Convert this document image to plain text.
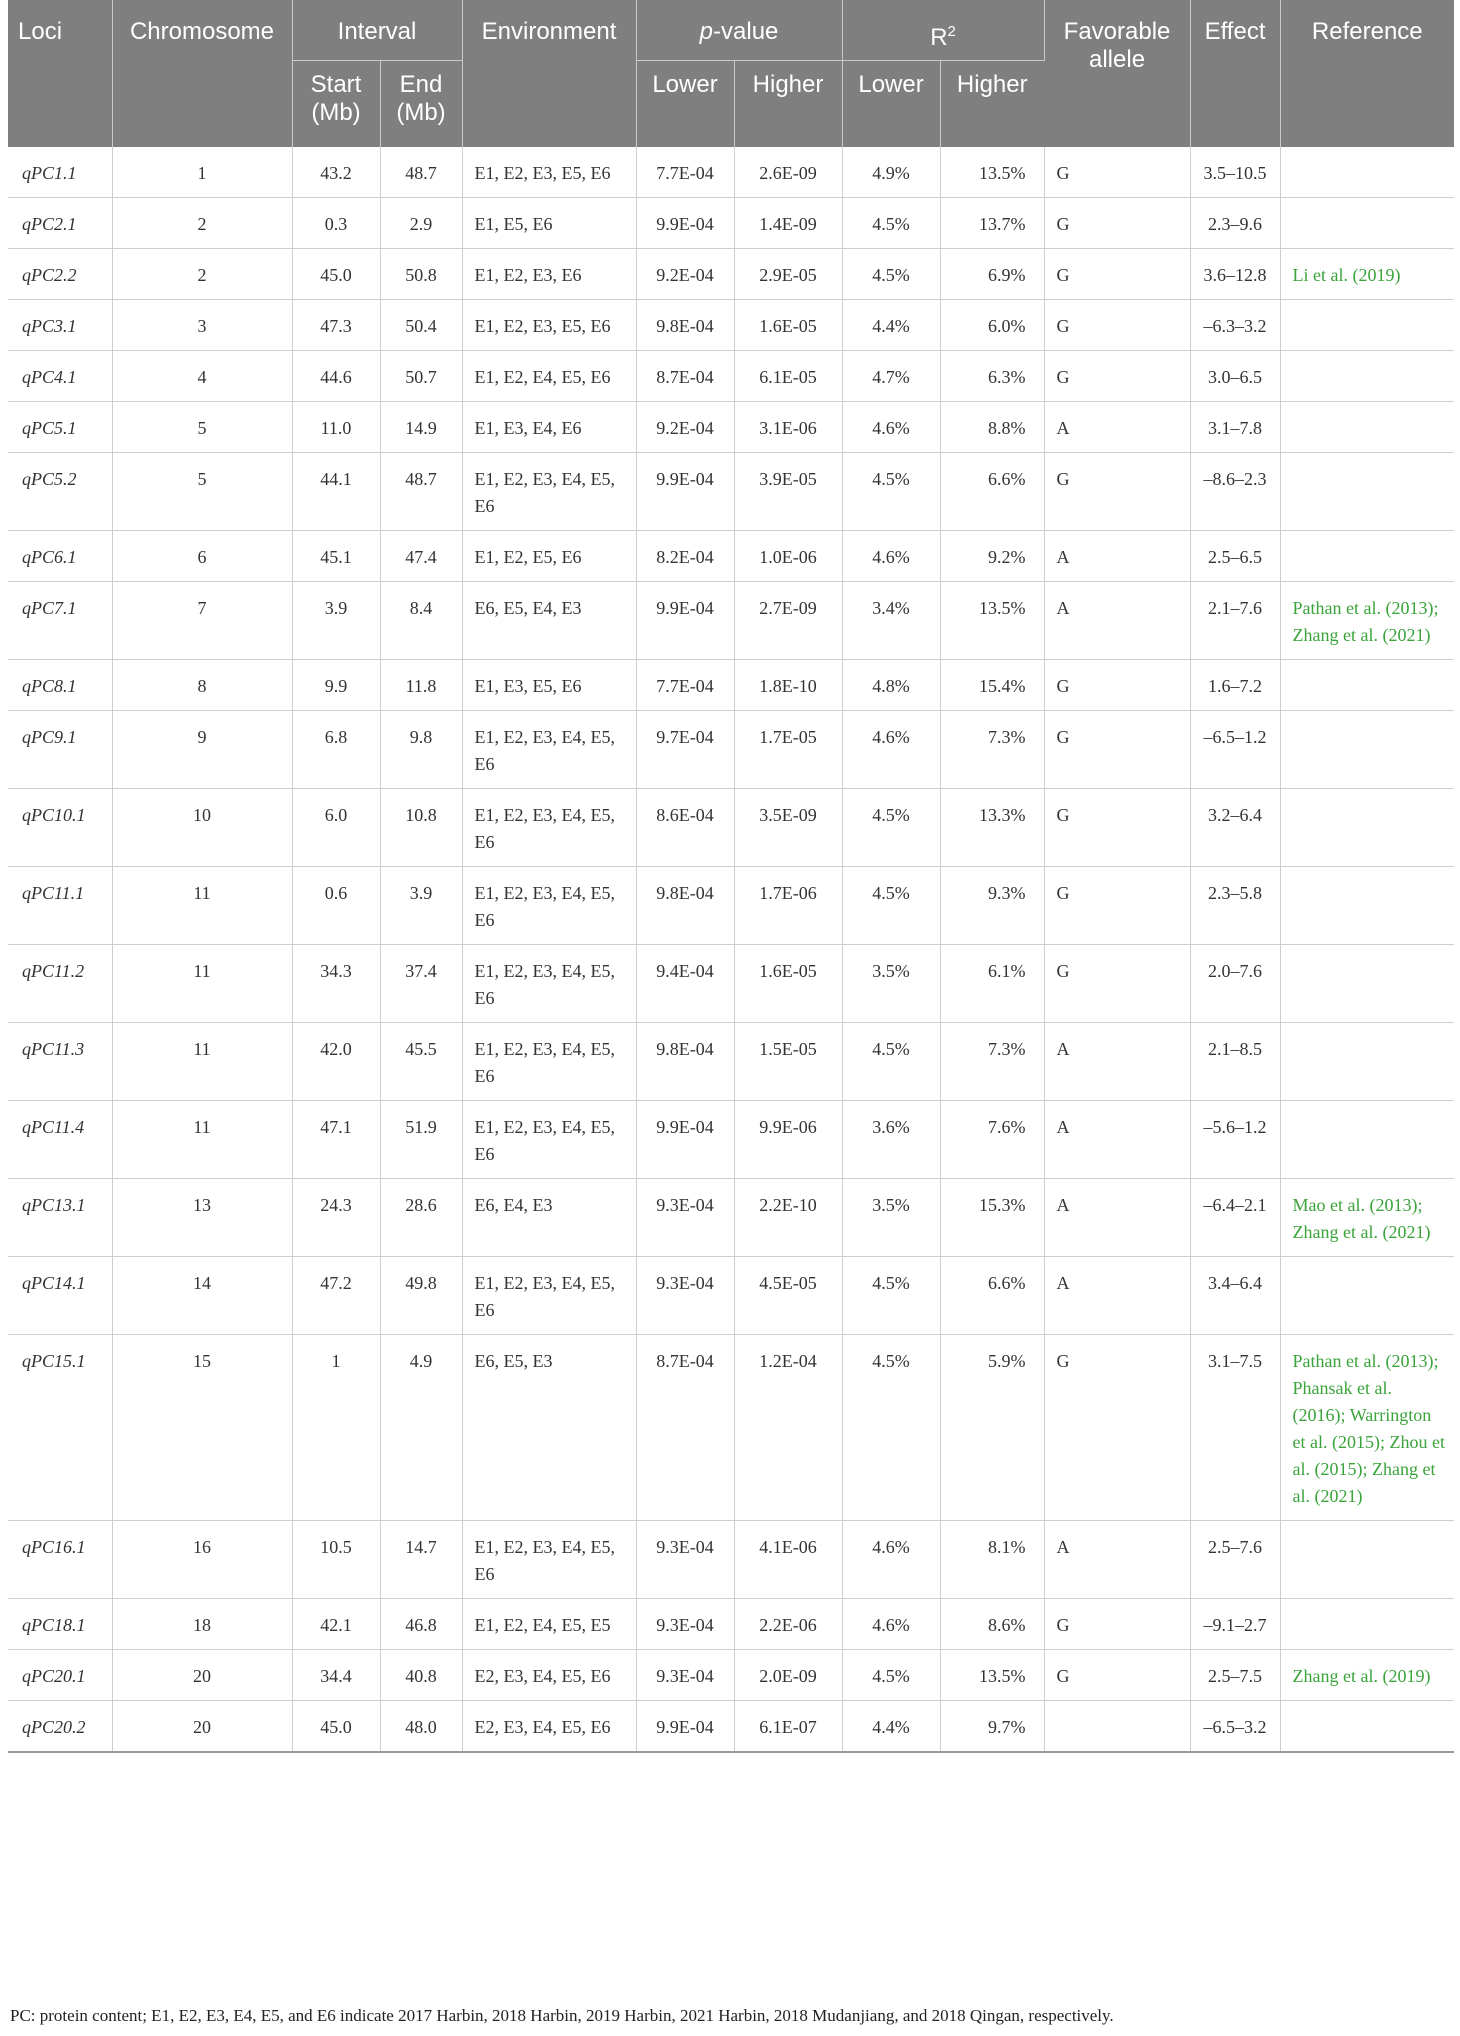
Loci	Chromosome	Interval		Environment	p-value		$R^2$		Favorable allele	Effect	Reference
		Start (Mb)	End (Mb)		Lower	Higher	Lower	Higher			
qPC1.1	1	43.2	48.7	E1, E2, E3, E5, E6	7.7E-04	2.6E-09	4.9%	13.5%	G	3.5–10.5	
qPC2.1	2	0.3	2.9	E1, E5, E6	9.9E-04	1.4E-09	4.5%	13.7%	G	2.3–9.6	
qPC2.2	2	45.0	50.8	E1, E2, E3, E6	9.2E-04	2.9E-05	4.5%	6.9%	G	3.6–12.8	Li et al. (2019)
qPC3.1	3	47.3	50.4	E1, E2, E3, E5, E6	9.8E-04	1.6E-05	4.4%	6.0%	G	–6.3–3.2	
qPC4.1	4	44.6	50.7	E1, E2, E4, E5, E6	8.7E-04	6.1E-05	4.7%	6.3%	G	3.0–6.5	
qPC5.1	5	11.0	14.9	E1, E3, E4, E6	9.2E-04	3.1E-06	4.6%	8.8%	A	3.1–7.8	
qPC5.2	5	44.1	48.7	E1, E2, E3, E4, E5, E6	9.9E-04	3.9E-05	4.5%	6.6%	G	–8.6–2.3	
qPC6.1	6	45.1	47.4	E1, E2, E5, E6	8.2E-04	1.0E-06	4.6%	9.2%	A	2.5–6.5	
qPC7.1	7	3.9	8.4	E6, E5, E4, E3	9.9E-04	2.7E-09	3.4%	13.5%	A	2.1–7.6	Pathan et al. (2013); Zhang et al. (2021)
qPC8.1	8	9.9	11.8	E1, E3, E5, E6	7.7E-04	1.8E-10	4.8%	15.4%	G	1.6–7.2	
qPC9.1	9	6.8	9.8	E1, E2, E3, E4, E5, E6	9.7E-04	1.7E-05	4.6%	7.3%	G	–6.5–1.2	
qPC10.1	10	6.0	10.8	E1, E2, E3, E4, E5, E6	8.6E-04	3.5E-09	4.5%	13.3%	G	3.2–6.4	
qPC11.1	11	0.6	3.9	E1, E2, E3, E4, E5, E6	9.8E-04	1.7E-06	4.5%	9.3%	G	2.3–5.8	
qPC11.2	11	34.3	37.4	E1, E2, E3, E4, E5, E6	9.4E-04	1.6E-05	3.5%	6.1%	G	2.0–7.6	
qPC11.3	11	42.0	45.5	E1, E2, E3, E4, E5, E6	9.8E-04	1.5E-05	4.5%	7.3%	A	2.1–8.5	
qPC11.4	11	47.1	51.9	E1, E2, E3, E4, E5, E6	9.9E-04	9.9E-06	3.6%	7.6%	A	–5.6–1.2	
qPC13.1	13	24.3	28.6	E6, E4, E3	9.3E-04	2.2E-10	3.5%	15.3%	A	–6.4–2.1	Mao et al. (2013); Zhang et al. (2021)
qPC14.1	14	47.2	49.8	E1, E2, E3, E4, E5, E6	9.3E-04	4.5E-05	4.5%	6.6%	A	3.4–6.4	
qPC15.1	15	1	4.9	E6, E5, E3	8.7E-04	1.2E-04	4.5%	5.9%	G	3.1–7.5	Pathan et al. (2013); Phansak et al. (2016); Warrington et al. (2015); Zhou et al. (2015); Zhang et al. (2021)
qPC16.1	16	10.5	14.7	E1, E2, E3, E4, E5, E6	9.3E-04	4.1E-06	4.6%	8.1%	A	2.5–7.6	
qPC18.1	18	42.1	46.8	E1, E2, E4, E5, E5	9.3E-04	2.2E-06	4.6%	8.6%	G	–9.1–2.7	
qPC20.1	20	34.4	40.8	E2, E3, E4, E5, E6	9.3E-04	2.0E-09	4.5%	13.5%	G	2.5–7.5	Zhang et al. (2019)
qPC20.2	20	45.0	48.0	E2, E3, E4, E5, E6	9.9E-04	6.1E-07	4.4%	9.7%		–6.5–3.2	
PC: protein content; E1, E2, E3, E4, E5, and E6 indicate 2017 Harbin, 2018 Harbin, 2019 Harbin, 2021 Harbin, 2018 Mudanjiang, and 2018 Qingan, respectively.
